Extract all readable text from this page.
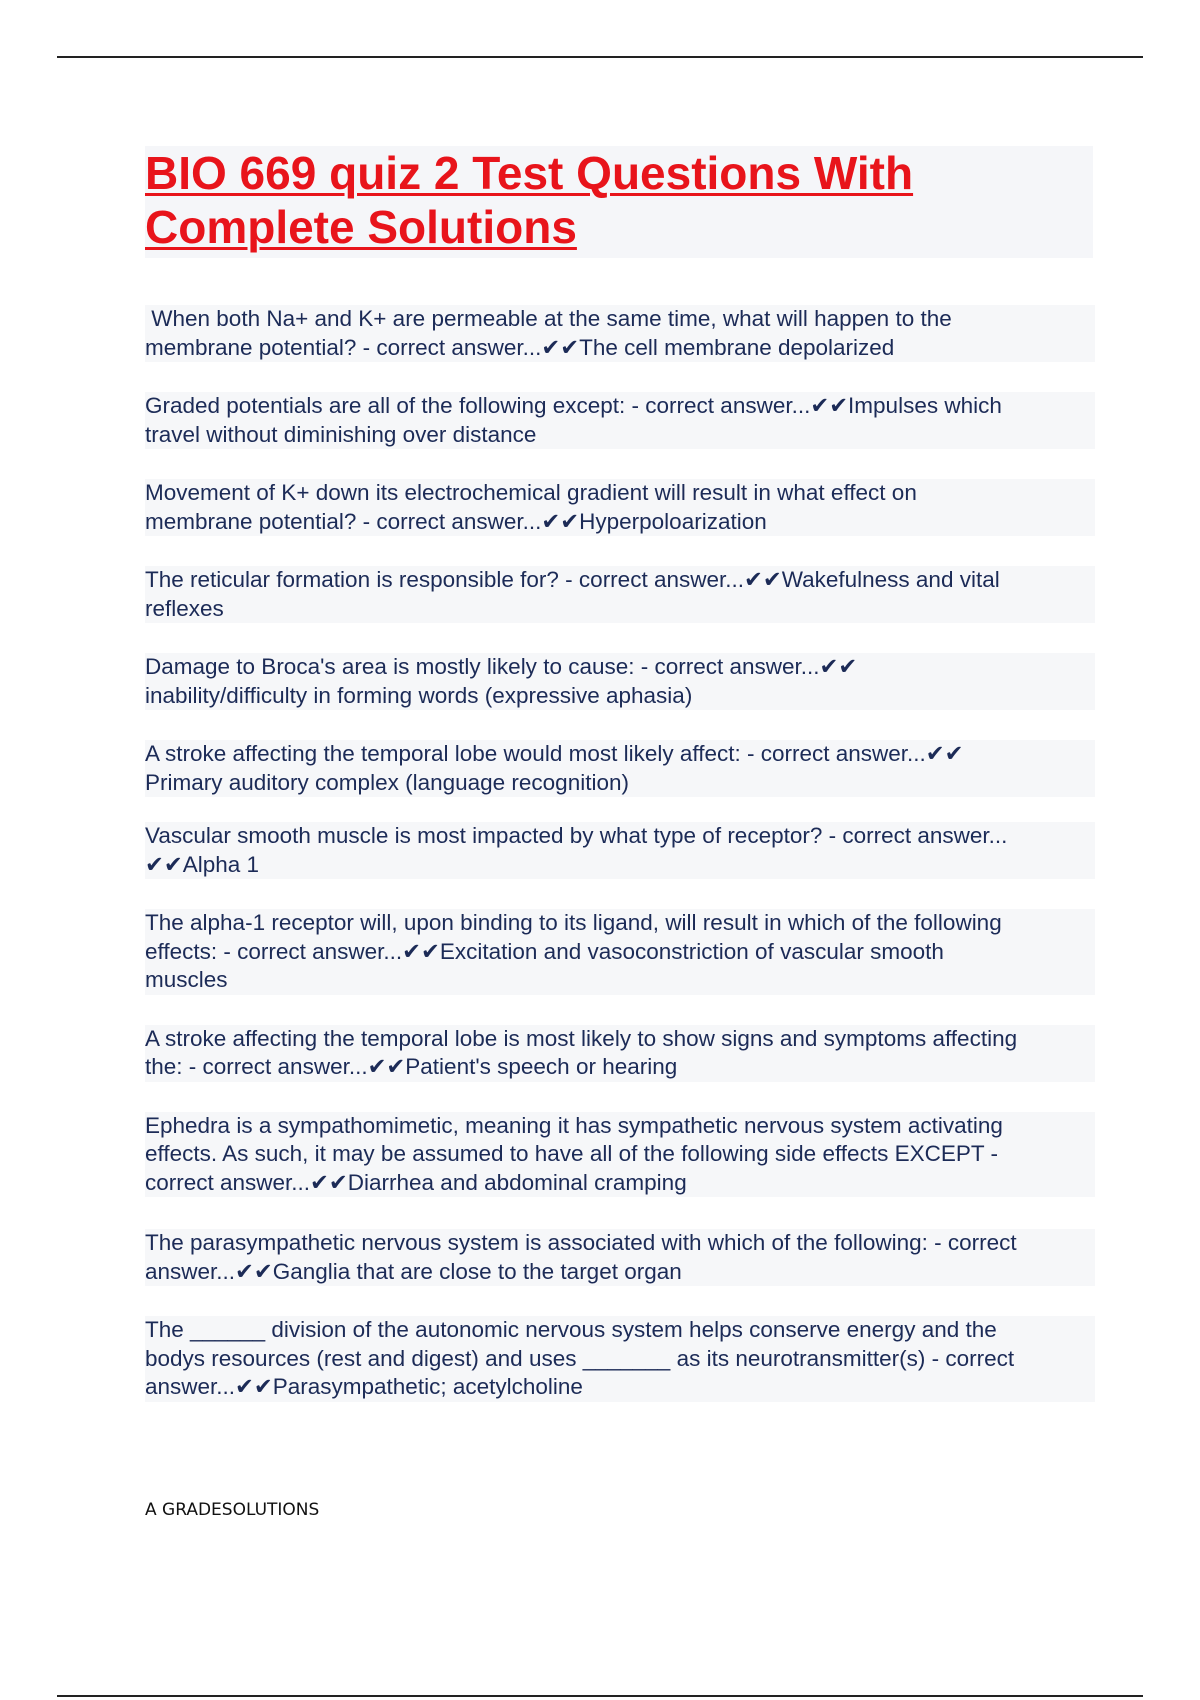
BIO 669 quiz 2 Test Questions With
Complete Solutions

When both Na+ and K+ are permeable at the same time, what will happen to the
membrane potential? - correct answer...✔✔The cell membrane depolarized

Graded potentials are all of the following except: - correct answer...✔✔Impulses which
travel without diminishing over distance

Movement of K+ down its electrochemical gradient will result in what effect on
membrane potential? - correct answer...✔✔Hyperpoloarization

The reticular formation is responsible for? - correct answer...✔✔Wakefulness and vital
reflexes

Damage to Broca's area is mostly likely to cause: - correct answer...✔✔
inability/difficulty in forming words (expressive aphasia)

A stroke affecting the temporal lobe would most likely affect: - correct answer...✔✔
Primary auditory complex (language recognition)

Vascular smooth muscle is most impacted by what type of receptor? - correct answer...
✔✔Alpha 1

The alpha-1 receptor will, upon binding to its ligand, will result in which of the following
effects: - correct answer...✔✔Excitation and vasoconstriction of vascular smooth
muscles

A stroke affecting the temporal lobe is most likely to show signs and symptoms affecting
the: - correct answer...✔✔Patient's speech or hearing

Ephedra is a sympathomimetic, meaning it has sympathetic nervous system activating
effects. As such, it may be assumed to have all of the following side effects EXCEPT -
correct answer...✔✔Diarrhea and abdominal cramping

The parasympathetic nervous system is associated with which of the following: - correct
answer...✔✔Ganglia that are close to the target organ

The ______ division of the autonomic nervous system helps conserve energy and the
bodys resources (rest and digest) and uses _______ as its neurotransmitter(s) - correct
answer...✔✔Parasympathetic; acetylcholine

A GRADESOLUTIONS
